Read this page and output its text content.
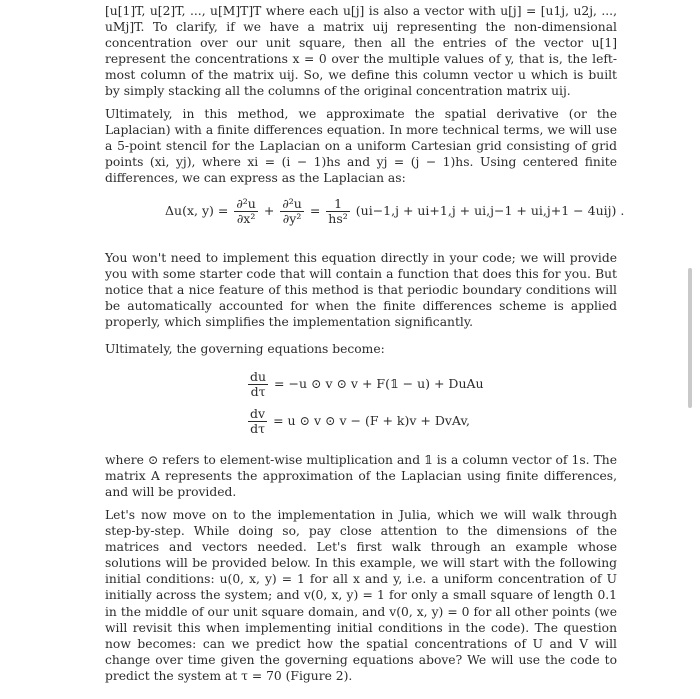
[u[1]T, u[2]T, ..., u[M]T]T where each u[j] is also a vector with u[j] = [u1j, u2j, ..., uMj]T. To clarify, if we have a matrix uij representing the non-dimensional concentration over our unit square, then all the entries of the vector u[1] represent the concentrations x = 0 over the multiple values of y, that is, the left-most column of the matrix uij. So, we define this column vector u which is built by simply stacking all the columns of the original concentration matrix uij.

Ultimately, in this method, we approximate the spatial derivative (or the Laplacian) with a finite differences equation. In more technical terms, we will use a 5-point stencil for the Laplacian on a uniform Cartesian grid consisting of grid points (xi, yj), where xi = (i − 1)hs and yj = (j − 1)hs. Using centered finite differences, we can express as the Laplacian as:

Δu(x, $y) = \frac{\text{∂²u}}{\text{∂x²}} + \frac{\text{∂²u}}{\text{∂y²}} = \frac{1}{\text{hs²}} (ui-1,j + ui+1,j + ui,j-1 + ui,j+1 - 4uij)$ .

You won't need to implement this equation directly in your code; we will provide you with some starter code that will contain a function that does this for you. But notice that a nice feature of this method is that periodic boundary conditions will be automatically accounted for when the finite differences scheme is applied properly, which simplifies the implementation significantly.

Ultimately, the governing equations become:

$\frac{du}{d\tau} = -u$ ⊙ v ⊙ v + F(𝟙 − u) + DuAu
$\frac{dv}{d\tau} = u$ ⊙ v ⊙ v − (F + k)v + DvAv,

where ⊙ refers to element-wise multiplication and 𝟙 is a column vector of 1s. The matrix A represents the approximation of the Laplacian using finite differences, and will be provided.

Let's now move on to the implementation in Julia, which we will walk through step-by-step. While doing so, pay close attention to the dimensions of the matrices and vectors needed. Let's first walk through an example whose solutions will be provided below. In this example, we will start with the following initial conditions: u(0, x, y) = 1 for all x and y, i.e. a uniform concentration of U initially across the system; and v(0, x, y) = 1 for only a small square of length 0.1 in the middle of our unit square domain, and v(0, x, y) = 0 for all other points (we will revisit this when implementing initial conditions in the code). The question now becomes: can we predict how the spatial concentrations of U and V will change over time given the governing equations above? We will use the code to predict the system at τ = 70 (Figure 2).
